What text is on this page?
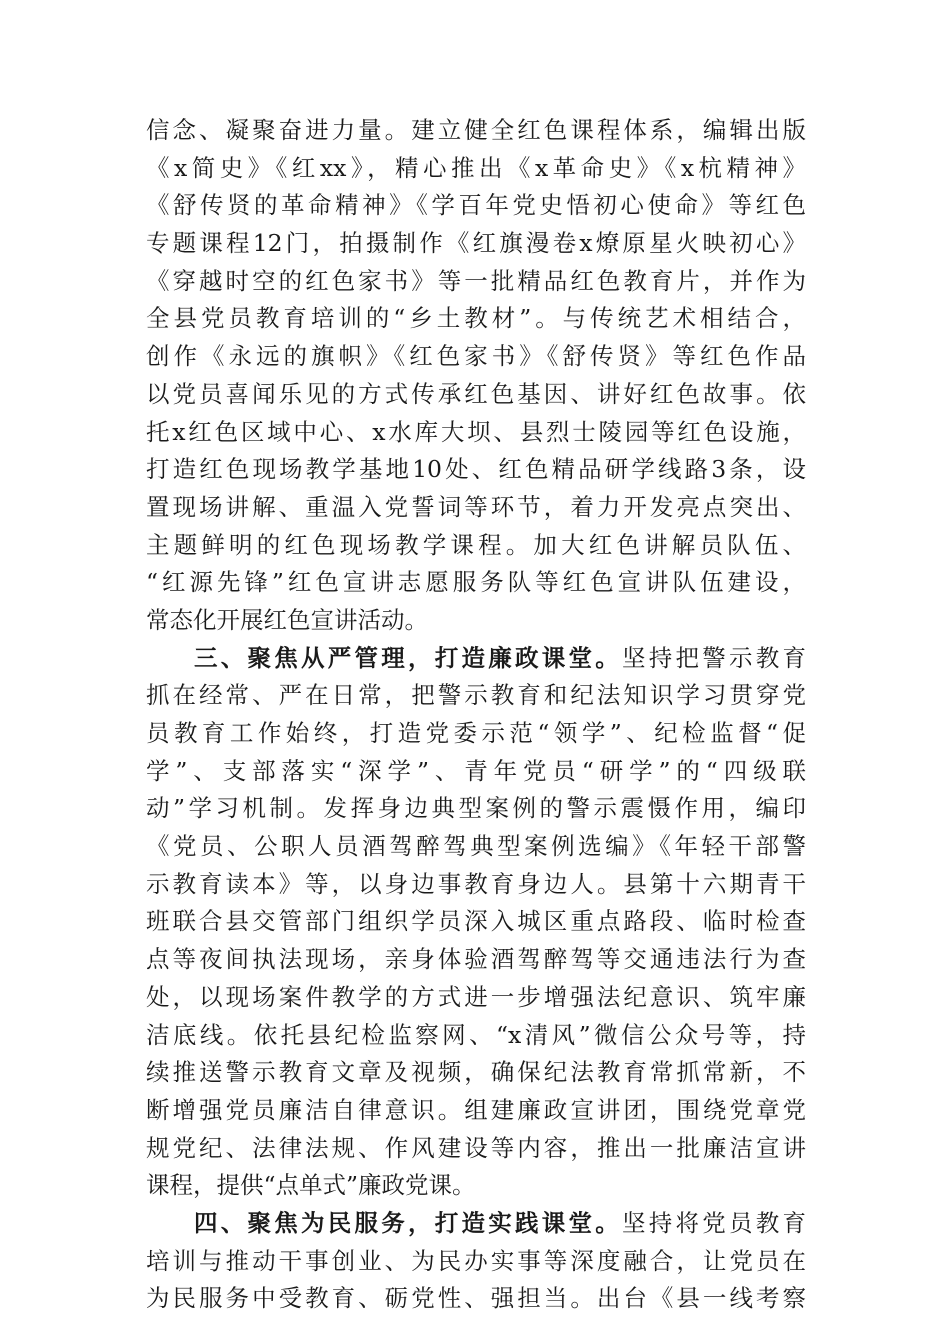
信念、凝聚奋进力量。建立健全红色课程体系，编辑出版
《x简史》《红xx》，精心推出《x革命史》《x杭精神》
《舒传贤的革命精神》《学百年党史悟初心使命》等红色
专题课程12门，拍摄制作《红旗漫卷x燎原星火映初心》
《穿越时空的红色家书》等一批精品红色教育片，并作为
全县党员教育培训的“乡土教材”。与传统艺术相结合，
创作《永远的旗帜》《红色家书》《舒传贤》等红色作品
以党员喜闻乐见的方式传承红色基因、讲好红色故事。依
托x红色区域中心、x水库大坝、县烈士陵园等红色设施，
打造红色现场教学基地10处、红色精品研学线路3条，设
置现场讲解、重温入党誓词等环节，着力开发亮点突出、
主题鲜明的红色现场教学课程。加大红色讲解员队伍、
“红源先锋”红色宣讲志愿服务队等红色宣讲队伍建设，
常态化开展红色宣讲活动。
三、聚焦从严管理，打造廉政课堂。坚持把警示教育
抓在经常、严在日常，把警示教育和纪法知识学习贯穿党
员教育工作始终，打造党委示范“领学”、纪检监督“促
学”、支部落实“深学”、青年党员“研学”的“四级联
动”学习机制。发挥身边典型案例的警示震慑作用，编印
《党员、公职人员酒驾醉驾典型案例选编》《年轻干部警
示教育读本》等，以身边事教育身边人。县第十六期青干
班联合县交管部门组织学员深入城区重点路段、临时检查
点等夜间执法现场，亲身体验酒驾醉驾等交通违法行为查
处，以现场案件教学的方式进一步增强法纪意识、筑牢廉
洁底线。依托县纪检监察网、“x清风”微信公众号等，持
续推送警示教育文章及视频，确保纪法教育常抓常新，不
断增强党员廉洁自律意识。组建廉政宣讲团，围绕党章党
规党纪、法律法规、作风建设等内容，推出一批廉洁宣讲
课程，提供“点单式”廉政党课。
四、聚焦为民服务，打造实践课堂。坚持将党员教育
培训与推动干事创业、为民办实事等深度融合，让党员在
为民服务中受教育、砺党性、强担当。出台《县一线考察
